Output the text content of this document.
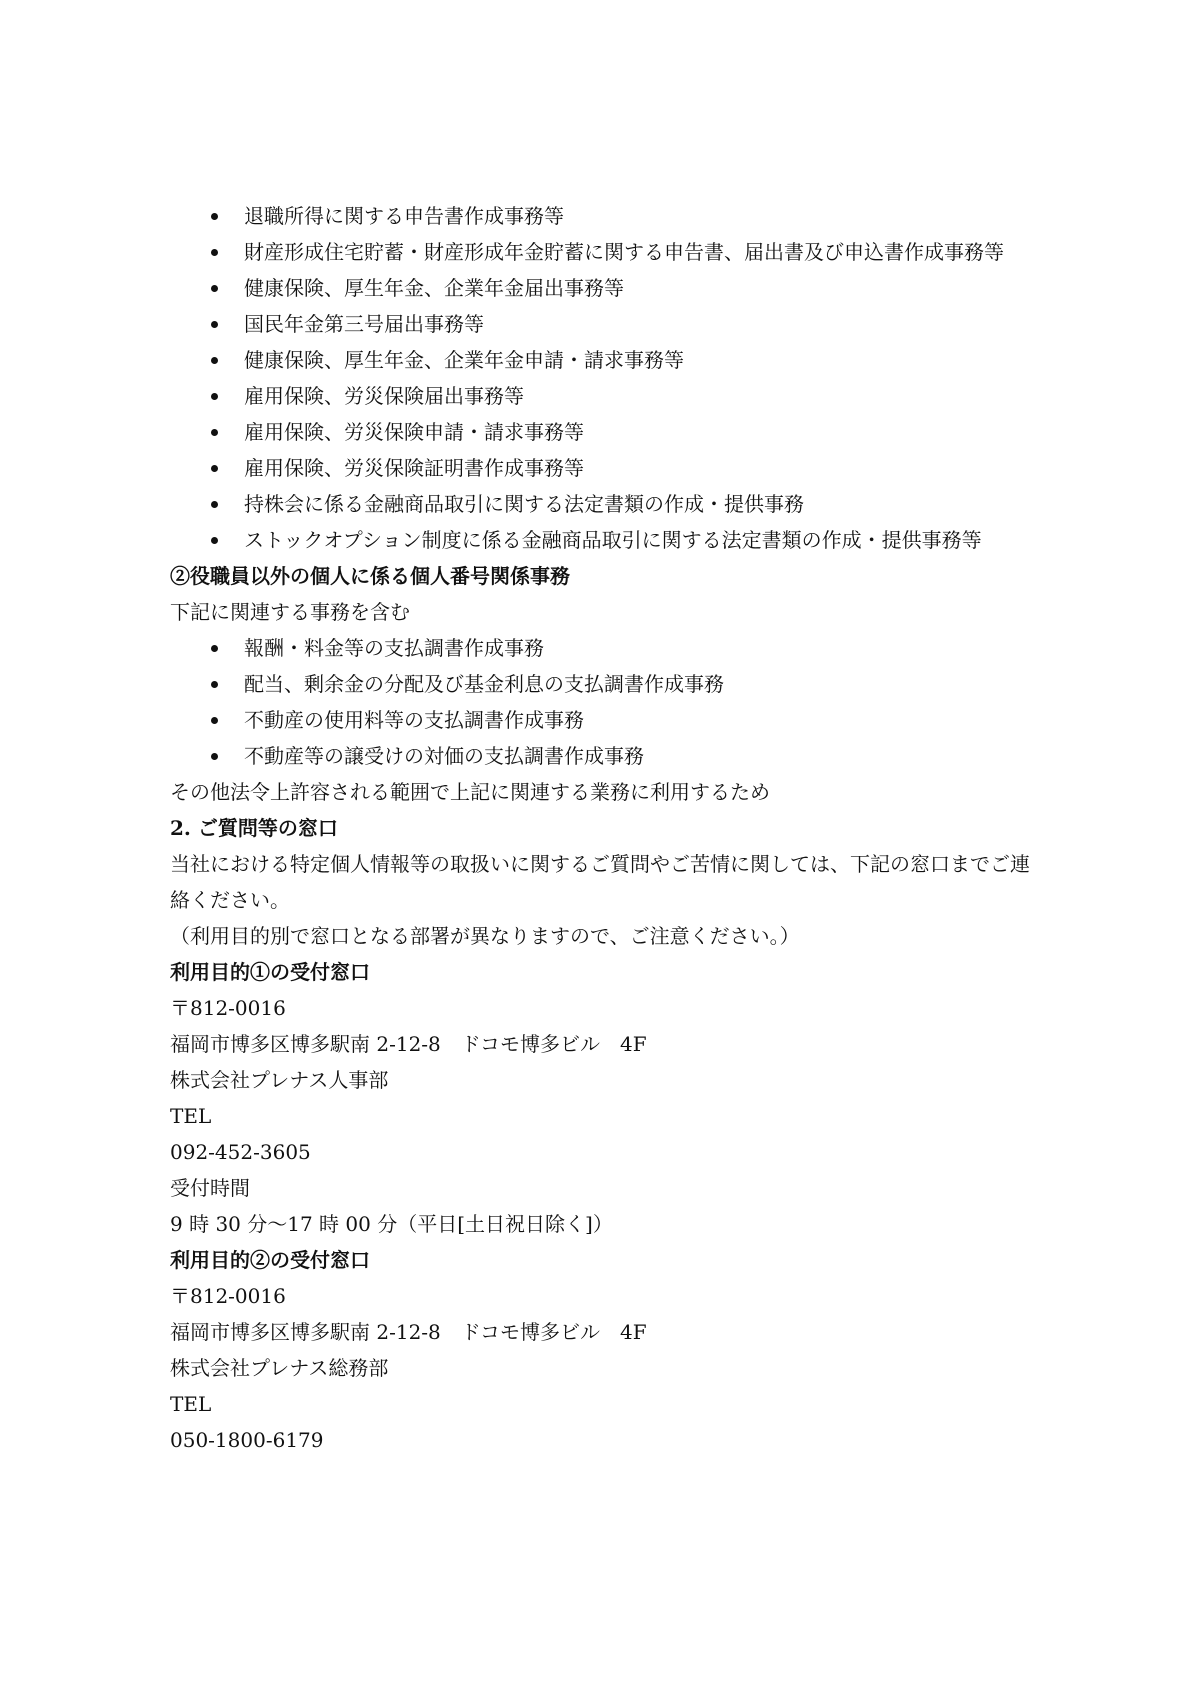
退職所得に関する申告書作成事務等
財産形成住宅貯蓄・財産形成年金貯蓄に関する申告書、届出書及び申込書作成事務等
健康保険、厚生年金、企業年金届出事務等
国民年金第三号届出事務等
健康保険、厚生年金、企業年金申請・請求事務等
雇用保険、労災保険届出事務等
雇用保険、労災保険申請・請求事務等
雇用保険、労災保険証明書作成事務等
持株会に係る金融商品取引に関する法定書類の作成・提供事務
ストックオプション制度に係る金融商品取引に関する法定書類の作成・提供事務等
②役職員以外の個人に係る個人番号関係事務
下記に関連する事務を含む
報酬・料金等の支払調書作成事務
配当、剰余金の分配及び基金利息の支払調書作成事務
不動産の使用料等の支払調書作成事務
不動産等の譲受けの対価の支払調書作成事務
その他法令上許容される範囲で上記に関連する業務に利用するため
2. ご質問等の窓口
当社における特定個人情報等の取扱いに関するご質問やご苦情に関しては、下記の窓口までご連絡ください。
（利用目的別で窓口となる部署が異なりますので、ご注意ください。）
利用目的①の受付窓口
〒812-0016
福岡市博多区博多駅南 2-12-8　ドコモ博多ビル　4F
株式会社プレナス人事部
TEL
092-452-3605
受付時間
9 時 30 分～17 時 00 分（平日[土日祝日除く]）
利用目的②の受付窓口
〒812-0016
福岡市博多区博多駅南 2-12-8　ドコモ博多ビル　4F
株式会社プレナス総務部
TEL
050-1800-6179
